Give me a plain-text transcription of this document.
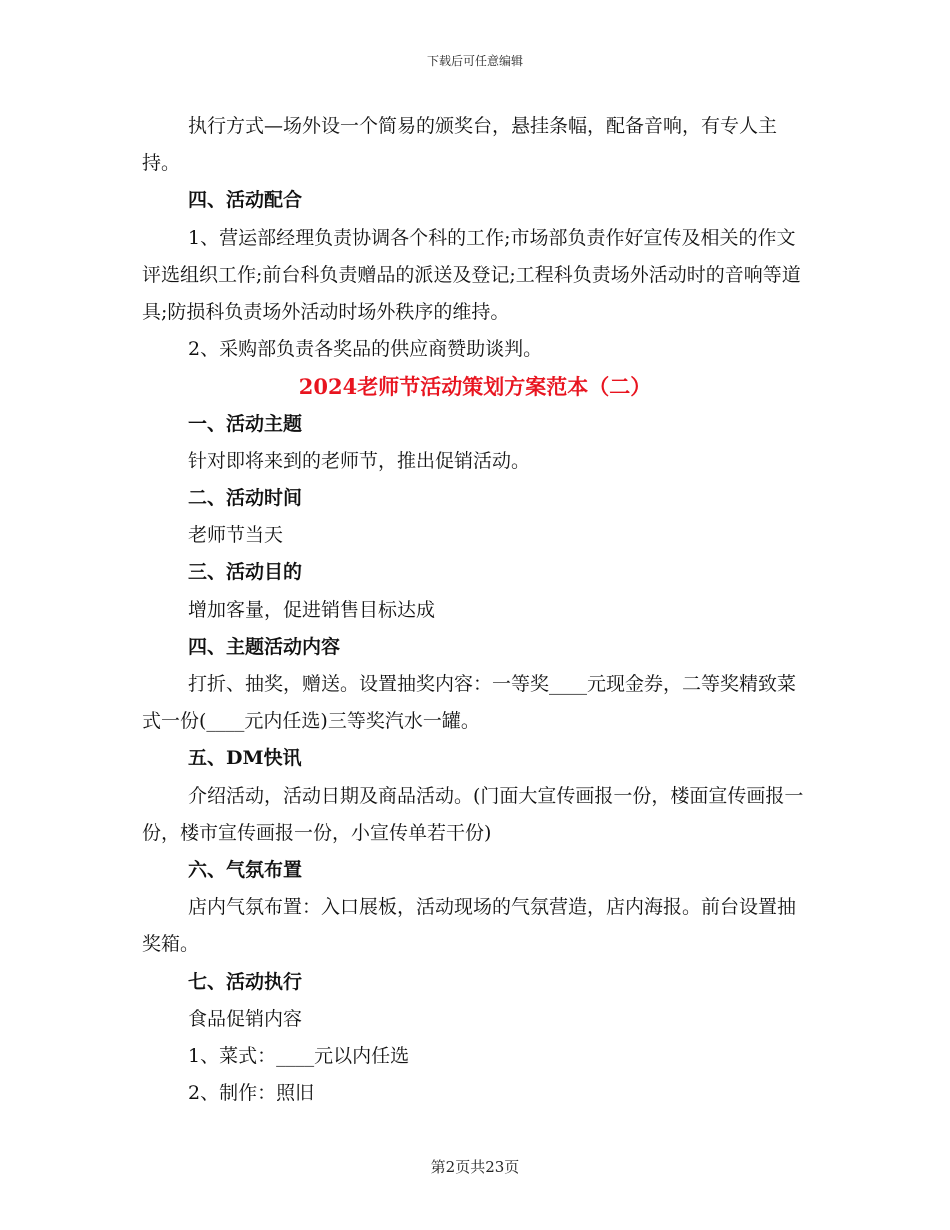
下载后可任意编辑

执行方式—场外设一个简易的颁奖台，悬挂条幅，配备音响，有专人主持。

四、活动配合

1、营运部经理负责协调各个科的工作;市场部负责作好宣传及相关的作文评选组织工作;前台科负责赠品的派送及登记;工程科负责场外活动时的音响等道具;防损科负责场外活动时场外秩序的维持。

2、采购部负责各奖品的供应商赞助谈判。

2024老师节活动策划方案范本（二）

一、活动主题

针对即将来到的老师节，推出促销活动。

二、活动时间

老师节当天

三、活动目的

增加客量，促进销售目标达成

四、主题活动内容

打折、抽奖，赠送。设置抽奖内容：一等奖____元现金券，二等奖精致菜式一份(____元内任选)三等奖汽水一罐。

五、DM快讯

介绍活动，活动日期及商品活动。(门面大宣传画报一份，楼面宣传画报一份，楼市宣传画报一份，小宣传单若干份)

六、气氛布置

店内气氛布置：入口展板，活动现场的气氛营造，店内海报。前台设置抽奖箱。

七、活动执行

食品促销内容

1、菜式：____元以内任选

2、制作：照旧

第2页共23页
